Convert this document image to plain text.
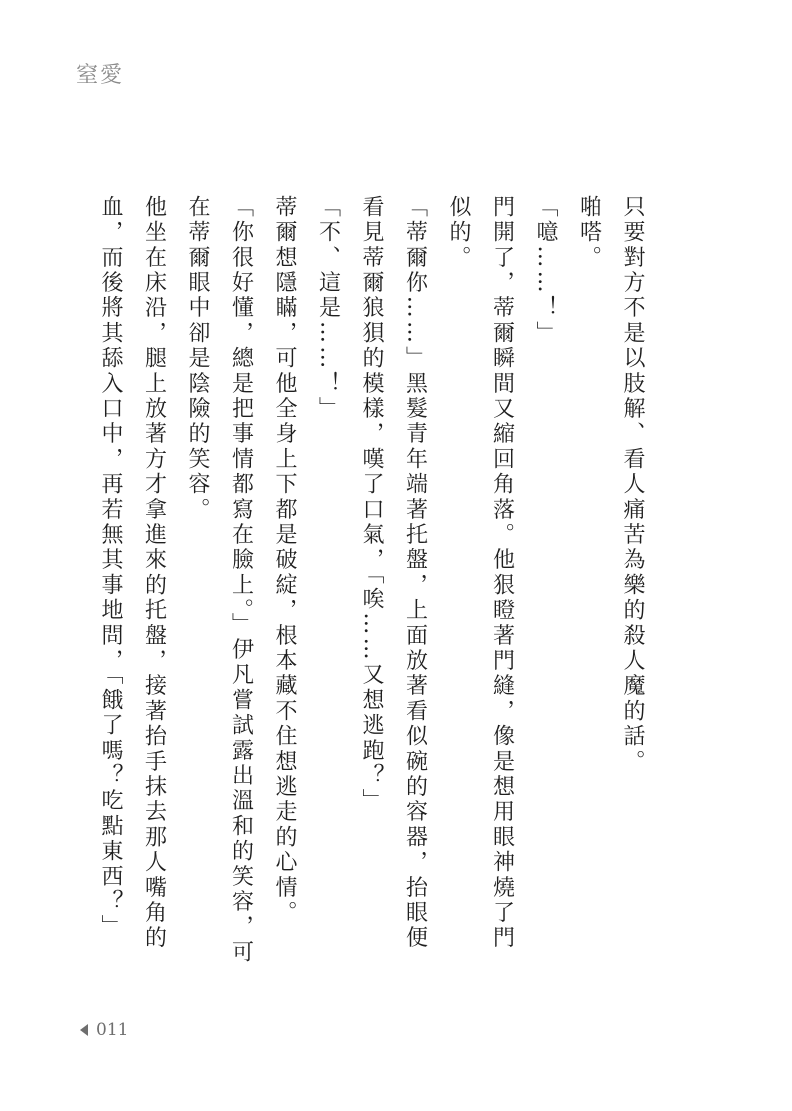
窒愛

只要對方不是以肢解、看人痛苦為樂的殺人魔的話。

啪嗒。

「噫……！」

門開了，蒂爾瞬間又縮回角落。他狠瞪著門縫，像是想用眼神燒了門似的。

「蒂爾你……」黑髮青年端著托盤，上面放著看似碗的容器，抬眼便看見蒂爾狼狽的模樣，嘆了口氣，「唉……又想逃跑？」

「不、這是……！」

蒂爾想隱瞞，可他全身上下都是破綻，根本藏不住想逃走的心情。

「你很好懂，總是把事情都寫在臉上。」伊凡嘗試露出溫和的笑容，可在蒂爾眼中卻是陰險的笑容。

他坐在床沿，腿上放著方才拿進來的托盤，接著抬手抹去那人嘴角的血，而後將其舔入口中，再若無其事地問，「餓了嗎？吃點東西？」

011
